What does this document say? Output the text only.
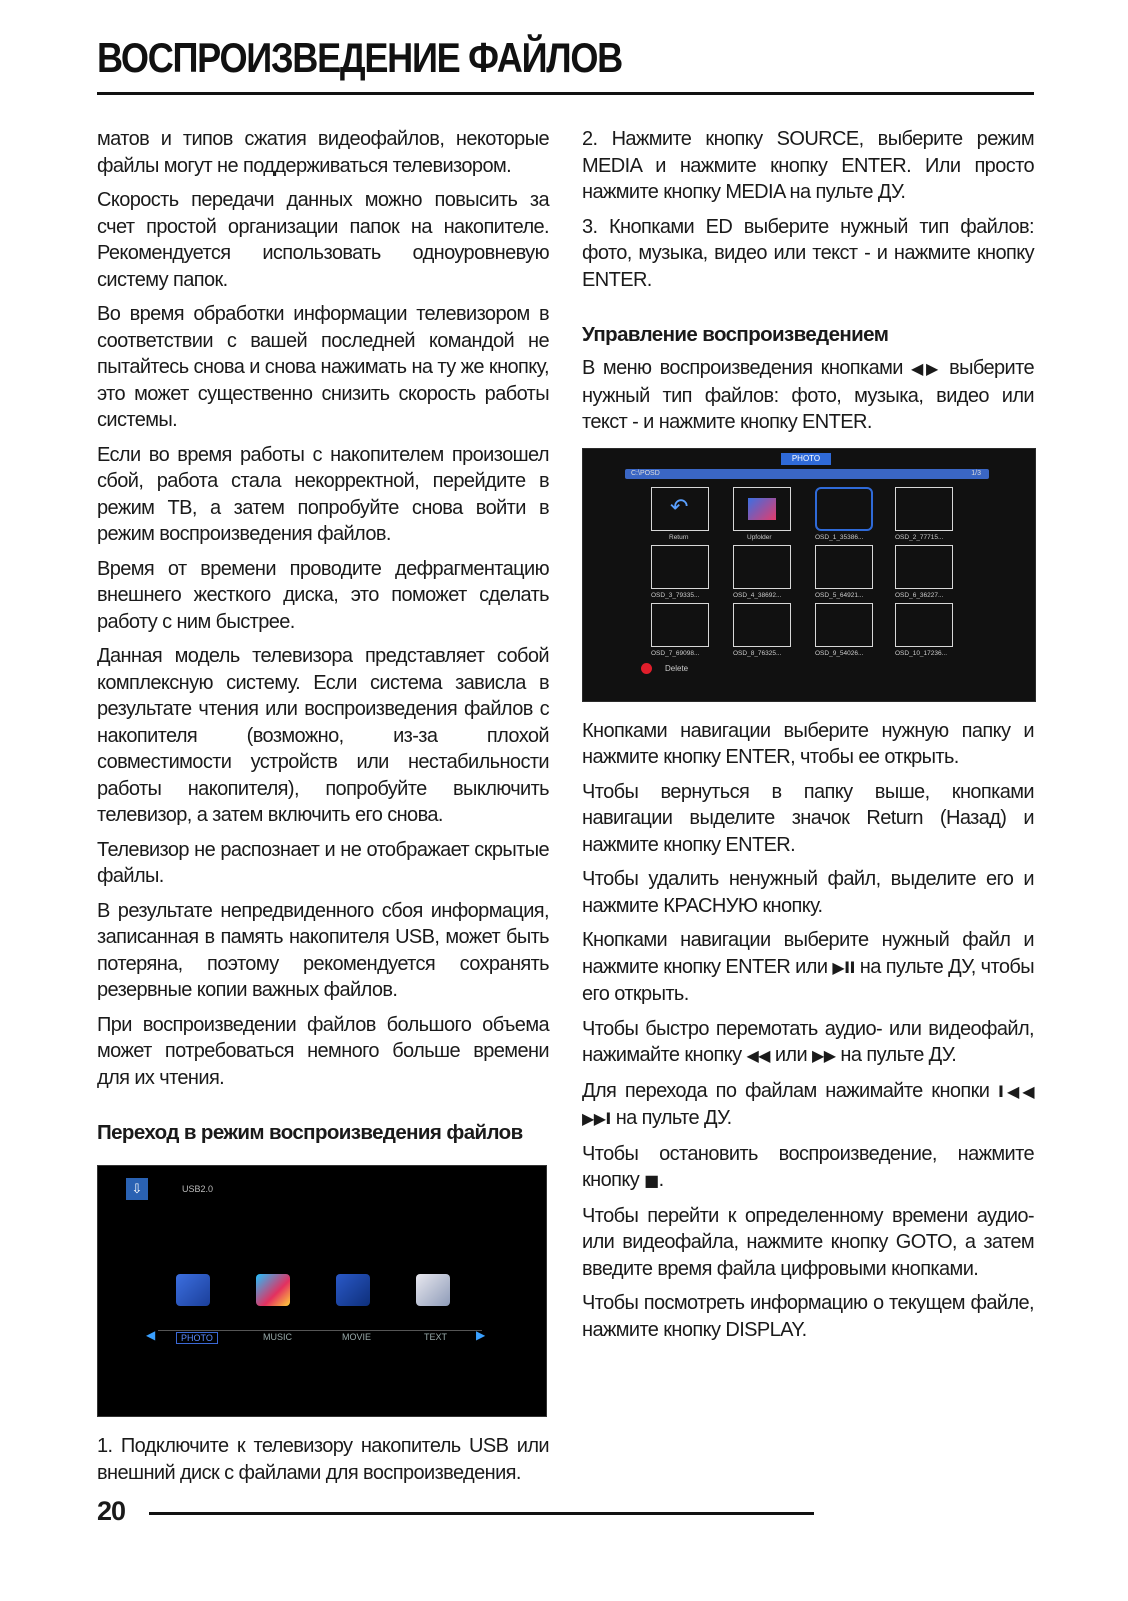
ВОСПРОИЗВЕДЕНИЕ ФАЙЛОВ

матов и типов сжатия видеофайлов, некоторые файлы могут не поддерживаться телевизором.

Скорость передачи данных можно повысить за счет простой организации папок на накопителе. Рекомендуется использовать одноуровневую систему папок.

Во время обработки информации телевизором в соответствии с вашей последней командой не пытайтесь снова и снова нажимать на ту же кнопку, это может существенно снизить скорость работы системы.

Если во время работы с накопителем произошел сбой, работа стала некорректной, перейдите в режим ТВ, а затем попробуйте снова войти в режим воспроизведения файлов.

Время от времени проводите дефрагментацию внешнего жесткого диска, это поможет сделать работу с ним быстрее.

Данная модель телевизора представляет собой комплексную систему. Если система зависла в результате чтения или воспроизведения файлов с накопителя (возможно, из-за плохой совместимости устройств или нестабильности работы накопителя), попробуйте выключить телевизор, а затем включить его снова.

Телевизор не распознает и не отображает скрытые файлы.

В результате непредвиденного сбоя информация, записанная в память накопителя USB, может быть потеряна, поэтому рекомендуется сохранять резервные копии важных файлов.

При воспроизведении файлов большого объема может потребоваться немного больше времени для их чтения.

Переход в режим воспроизведения файлов
⇩	USB2.0
◀	PHOTO	MUSIC	MOVIE	TEXT ▶

1. Подключите к телевизору накопитель USB или внешний диск с файлами для воспроизведения.

2. Нажмите кнопку SOURCE, выберите режим MEDIA и нажмите кнопку ENTER. Или просто нажмите кнопку MEDIA на пульте ДУ.

3. Кнопками ED выберите нужный тип файлов: фото, музыка, видео или текст - и нажмите кнопку ENTER.

Управление воспроизведением

В меню воспроизведения кнопками ◀▶ выберите нужный тип файлов: фото, музыка, видео или текст - и нажмите кнопку ENTER.

PHOTO
C:\POSD	1/3
↶
Return	Upfolder	OSD_1_35386...	OSD_2_77715...
OSD_3_79335...	OSD_4_38692...	OSD_5_64921...	OSD_6_36227...
OSD_7_69098...	OSD_8_76325...	OSD_9_54026...	OSD_10_17236...
Delete

Кнопками навигации выберите нужную папку и нажмите кнопку ENTER, чтобы ее открыть.

Чтобы вернуться в папку выше, кнопками навигации выделите значок Return (Назад) и нажмите кнопку ENTER.

Чтобы удалить ненужный файл, выделите его и нажмите КРАСНУЮ кнопку.

Кнопками навигации выберите нужный файл и нажмите кнопку ENTER или ▶II на пульте ДУ, чтобы его открыть.

Чтобы быстро перемотать аудио- или видеофайл, нажимайте кнопку ◀◀ или ▶▶ на пульте ДУ.

Для перехода по файлам нажимайте кнопки I◀◀ ▶▶I на пульте ДУ.

Чтобы остановить воспроизведение, нажмите кнопку ■.

Чтобы перейти к определенному времени аудио- или видеофайла, нажмите кнопку GOTO, а затем введите время файла цифровыми кнопками.

Чтобы посмотреть информацию о текущем файле, нажмите кнопку DISPLAY.

20
